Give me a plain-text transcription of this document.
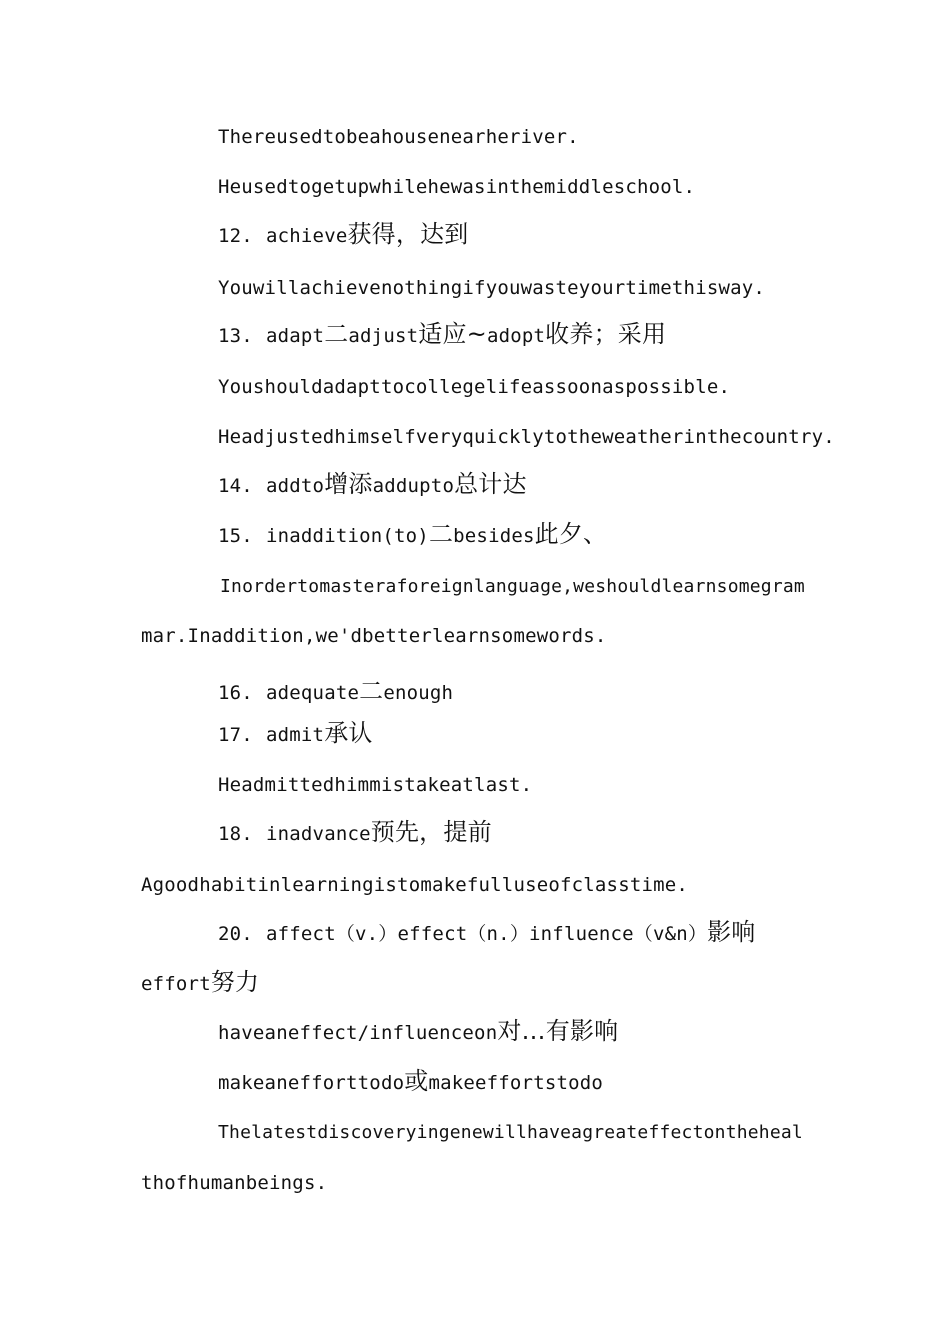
Thereusedtobeahousenearheriver.
Heusedtogetupwhilehewasinthemiddleschool.
12. achieve获得，达到
Youwillachievenothingifyouwasteyourtimethisway.
13. adapt二adjust适应~adopt收养；采用
Youshouldadapttocollegelifeassoonaspossible.
Headjustedhimselfveryquicklytotheweatherinthecountry.
14. addto增添addupto总计达
15. inaddition(to)二besides此夕、
Inordertomasteraforeignlanguage,weshouldlearnsomegram
mar.Inaddition,we'dbetterlearnsomewords.
16. adequate二enough
17. admit承认
Headmittedhimmistakeatlast.
18. inadvance预先，提前
Agoodhabitinlearningistomakefulluseofclasstime.
20. affect（v.）effect（n.）influence（v&n）影响
effort努力
haveaneffect/influenceon对…有影响
makeanefforttodo或makeeffortstodo
Thelatestdiscoveryingenewillhaveagreateffectontheheal
thofhumanbeings.
